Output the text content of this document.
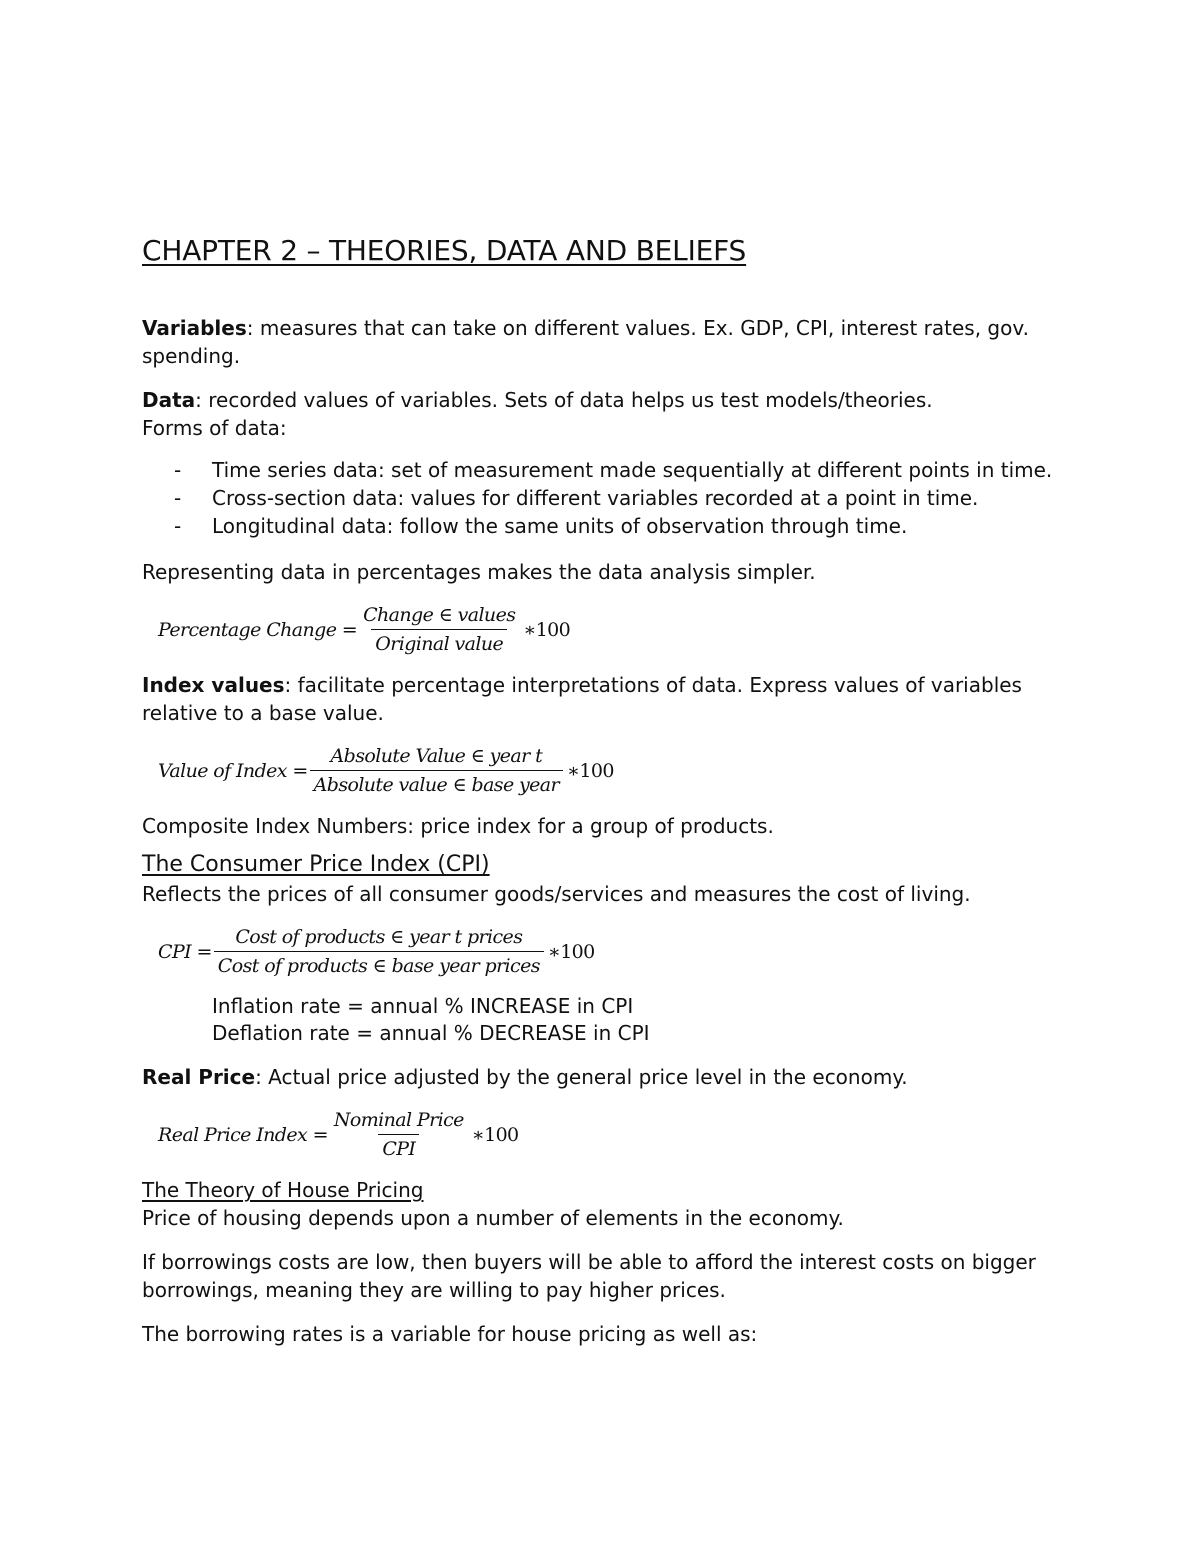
CHAPTER 2 – THEORIES, DATA AND BELIEFS

Variables: measures that can take on different values. Ex. GDP, CPI, interest rates, gov. spending.

Data: recorded values of variables. Sets of data helps us test models/theories.
Forms of data:

- Time series data: set of measurement made sequentially at different points in time.
- Cross-section data: values for different variables recorded at a point in time.
- Longitudinal data: follow the same units of observation through time.

Representing data in percentages makes the data analysis simpler.

Percentage Change = $\frac{\text{Change ∈ values}}{\text{Original value}}$ ∗100

Index values: facilitate percentage interpretations of data. Express values of variables relative to a base value.

Value of Index = $\frac{\text{Absolute Value ∈ year t}}{\text{Absolute value ∈ base year}}$ ∗100

Composite Index Numbers: price index for a group of products.

The Consumer Price Index (CPI)

Reflects the prices of all consumer goods/services and measures the cost of living.

CPI = $\frac{\text{Cost of products ∈ year t prices}}{\text{Cost of products ∈ base year prices}}$ ∗100
Inflation rate = annual % INCREASE in CPI
Deflation rate = annual % DECREASE in CPI

Real Price: Actual price adjusted by the general price level in the economy.

Real Price Index = $\frac{\text{Nominal Price}}{\text{CPI}}$ ∗100
The Theory of House Pricing

Price of housing depends upon a number of elements in the economy.

If borrowings costs are low, then buyers will be able to afford the interest costs on bigger borrowings, meaning they are willing to pay higher prices.

The borrowing rates is a variable for house pricing as well as:
